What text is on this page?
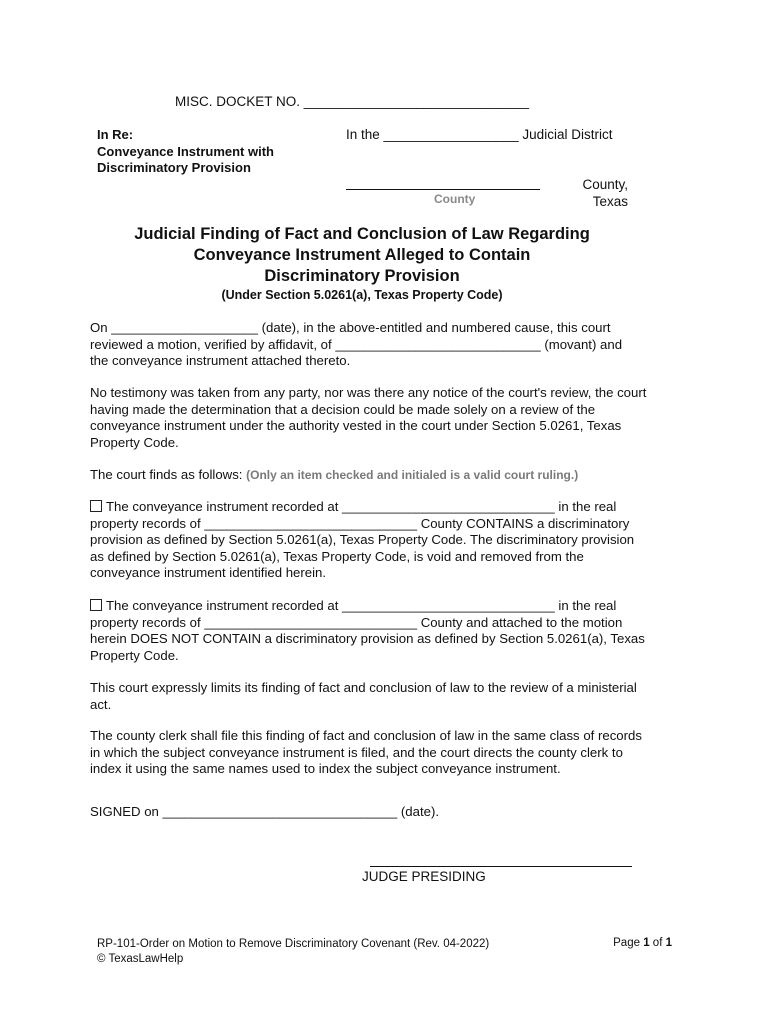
MISC. DOCKET NO. ______________________________
In Re:
Conveyance Instrument with
Discriminatory Provision
In the __________________ Judicial District
County
County,
Texas
Judicial Finding of Fact and Conclusion of Law Regarding
Conveyance Instrument Alleged to Contain
Discriminatory Provision
(Under Section 5.0261(a), Texas Property Code)
On ____________________ (date), in the above-entitled and numbered cause, this court
reviewed a motion, verified by affidavit, of ____________________________ (movant) and
the conveyance instrument attached thereto.
No testimony was taken from any party, nor was there any notice of the court's review, the court
having made the determination that a decision could be made solely on a review of the
conveyance instrument under the authority vested in the court under Section 5.0261, Texas
Property Code.
The court finds as follows: (Only an item checked and initialed is a valid court ruling.)
The conveyance instrument recorded at _____________________________ in the real
property records of _____________________________ County CONTAINS a discriminatory
provision as defined by Section 5.0261(a), Texas Property Code. The discriminatory provision
as defined by Section 5.0261(a), Texas Property Code, is void and removed from the
conveyance instrument identified herein.
The conveyance instrument recorded at _____________________________ in the real
property records of _____________________________ County and attached to the motion
herein DOES NOT CONTAIN a discriminatory provision as defined by Section 5.0261(a), Texas
Property Code.
This court expressly limits its finding of fact and conclusion of law to the review of a ministerial
act.
The county clerk shall file this finding of fact and conclusion of law in the same class of records
in which the subject conveyance instrument is filed, and the court directs the county clerk to
index it using the same names used to index the subject conveyance instrument.
SIGNED on ________________________________ (date).
JUDGE PRESIDING
RP-101-Order on Motion to Remove Discriminatory Covenant (Rev. 04-2022)
© TexasLawHelp
Page 1 of 1
